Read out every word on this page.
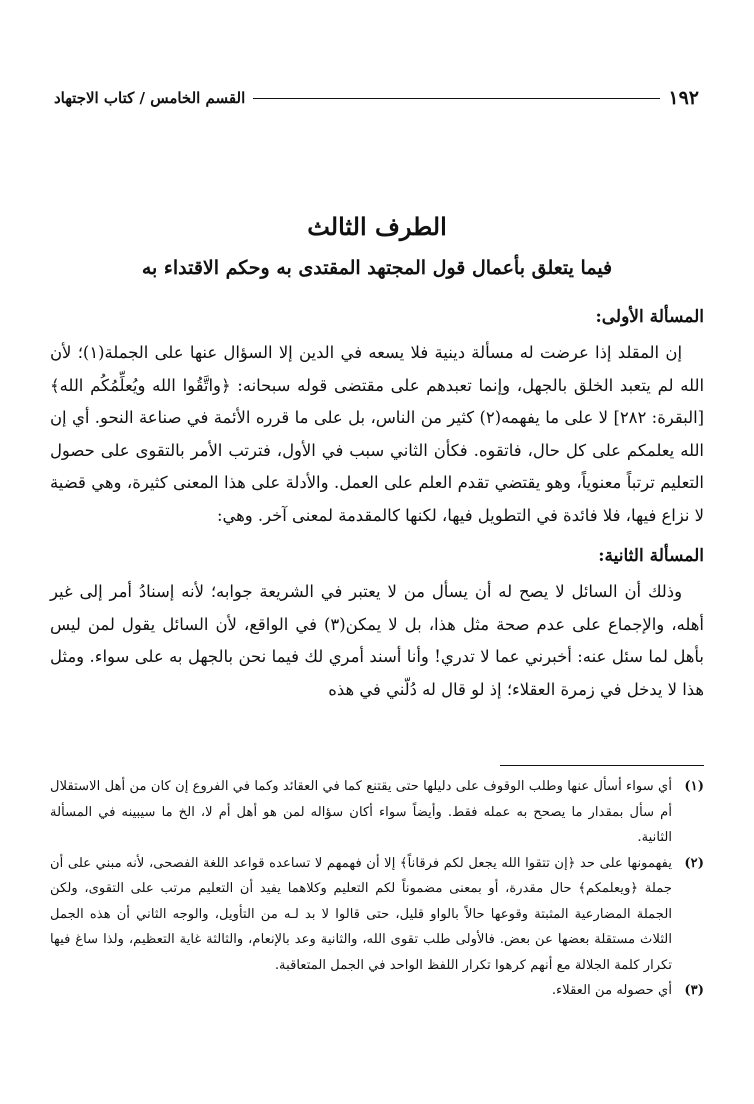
١٩٢
القسم الخامس / كتاب الاجتهاد
الطرف الثالث
فيما يتعلق بأعمال قول المجتهد المقتدى به وحكم الاقتداء به
المسألة الأولى:

إن المقلد إذا عرضت له مسألة دينية فلا يسعه في الدين إلا السؤال عنها على الجملة(١)؛ لأن الله لم يتعبد الخلق بالجهل، وإنما تعبدهم على مقتضى قوله سبحانه: ﴿واتَّقُوا الله ويُعلِّمُكُم الله﴾ [البقرة: ٢٨٢] لا على ما يفهمه(٢) كثير من الناس، بل على ما قرره الأئمة في صناعة النحو. أي إن الله يعلمكم على كل حال، فاتقوه. فكأن الثاني سبب في الأول، فترتب الأمر بالتقوى على حصول التعليم ترتباً معنوياً، وهو يقتضي تقدم العلم على العمل. والأدلة على هذا المعنى كثيرة، وهي قضية لا نزاع فيها، فلا فائدة في التطويل فيها، لكنها كالمقدمة لمعنى آخر. وهي:

المسألة الثانية:

وذلك أن السائل لا يصح له أن يسأل من لا يعتبر في الشريعة جوابه؛ لأنه إسنادُ أمر إلى غير أهله، والإجماع على عدم صحة مثل هذا، بل لا يمكن(٣) في الواقع، لأن السائل يقول لمن ليس بأهل لما سئل عنه: أخبرني عما لا تدري! وأنا أسند أمري لك فيما نحن بالجهل به على سواء. ومثل هذا لا يدخل في زمرة العقلاء؛ إذ لو قال له دُلّني في هذه

(١)
أي سواء أسأل عنها وطلب الوقوف على دليلها حتى يقتنع كما في العقائد وكما في الفروع إن كان من أهل الاستقلال أم سأل بمقدار ما يصحح به عمله فقط. وأيضاً سواء أكان سؤاله لمن هو أهل أم لا، الخ ما سيبينه في المسألة الثانية.
(٢)
يفهمونها على حد ﴿إن تتقوا الله يجعل لكم فرقاناً﴾ إلا أن فهمهم لا تساعده قواعد اللغة الفصحى، لأنه مبني على أن جملة ﴿ويعلمكم﴾ حال مقدرة، أو بمعنى مضموناً لكم التعليم وكلاهما يفيد أن التعليم مرتب على التقوى، ولكن الجملة المضارعية المثبتة وقوعها حالاً بالواو قليل، حتى قالوا لا بد لـه من التأويل، والوجه الثاني أن هذه الجمل الثلاث مستقلة بعضها عن بعض. فالأولى طلب تقوى الله، والثانية وعد بالإنعام، والثالثة غاية التعظيم، ولذا ساغ فيها تكرار كلمة الجلالة مع أنهم كرهوا تكرار اللفظ الواحد في الجمل المتعاقبة.
(٣)
أي حصوله من العقلاء.
